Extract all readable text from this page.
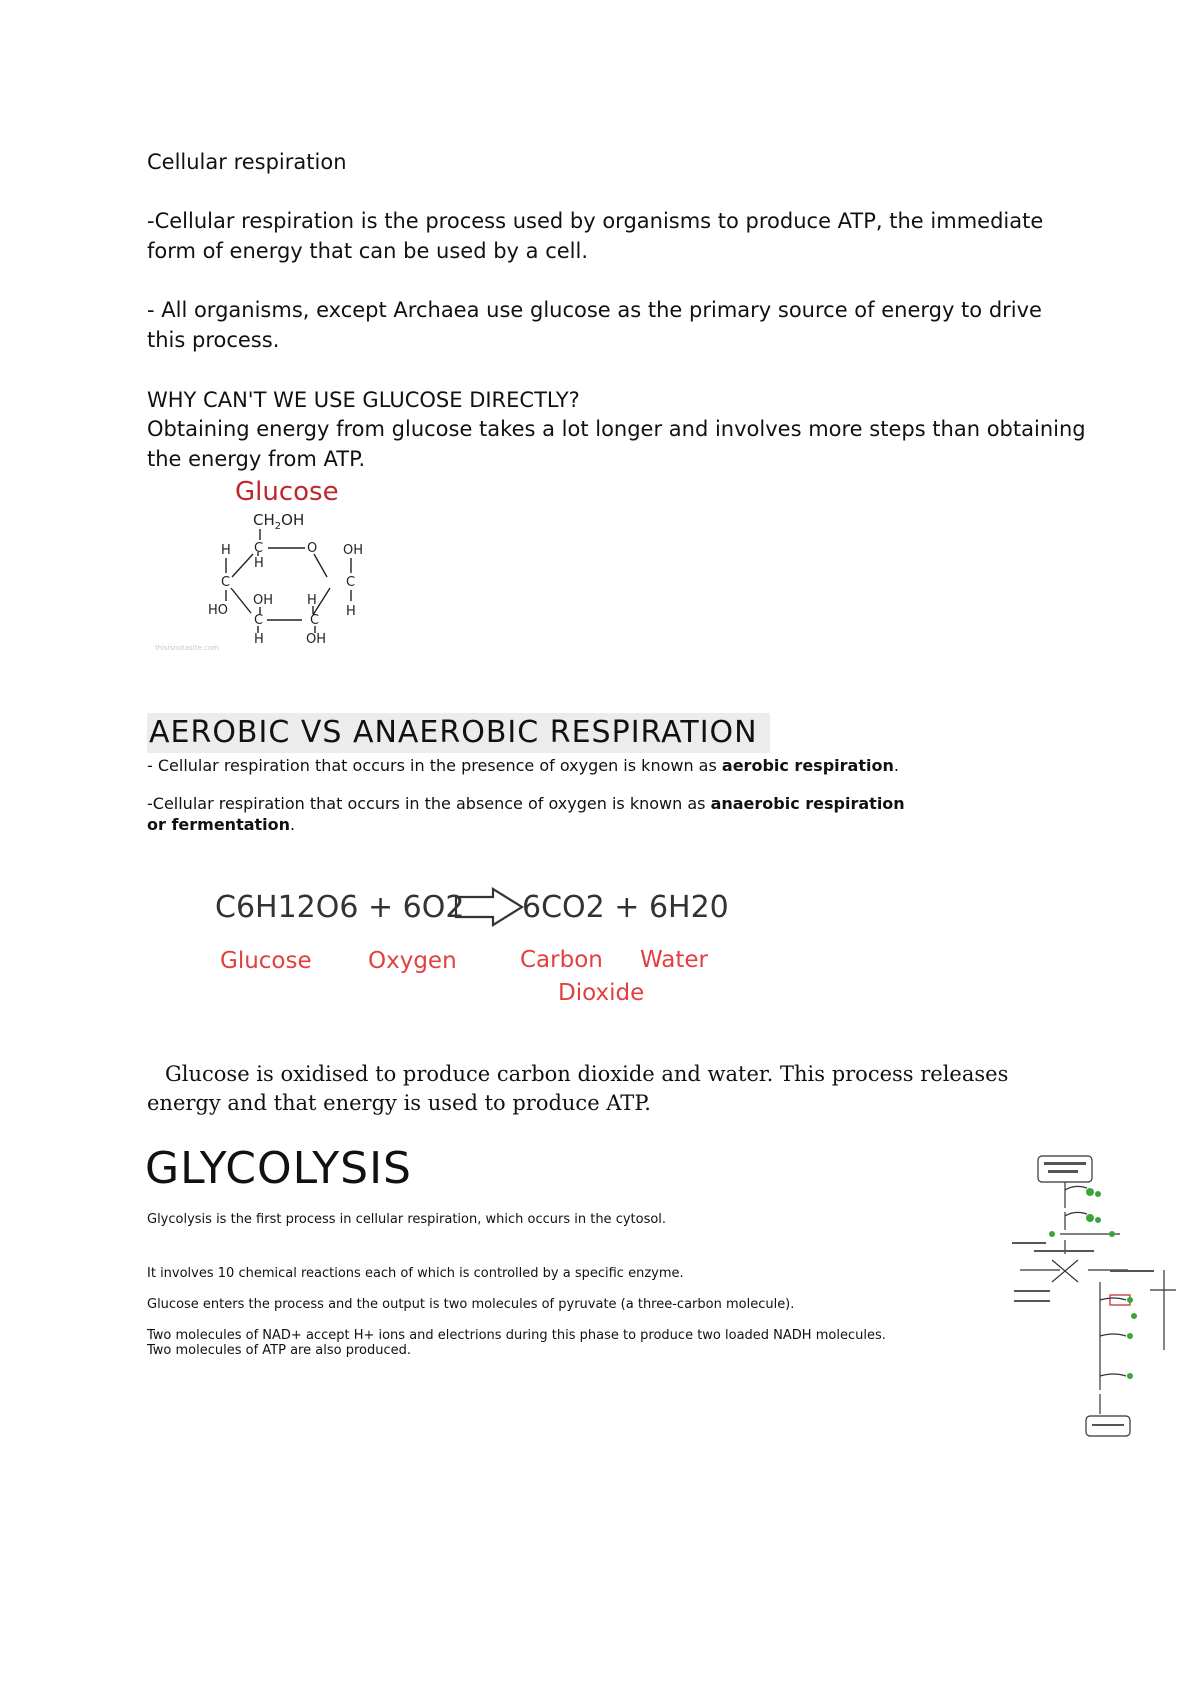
Cellular respiration

-Cellular respiration is the process used by organisms to produce ATP, the immediate form of energy that can be used by a cell.

- All organisms, except Archaea use glucose as the primary source of energy to drive this process.

WHY CAN'T WE USE GLUCOSE DIRECTLY?

Obtaining energy from glucose takes a lot longer and involves more steps than obtaining the energy from ATP.

Glucose
$CH_2OH$
C	O OH
H
H
C	C
OH	H
HO	H
C	C
H	OH
thisisnotasite.com
AEROBIC VS ANAEROBIC RESPIRATION

- Cellular respiration that occurs in the presence of oxygen is known as aerobic respiration.

-Cellular respiration that occurs in the absence of oxygen is known as anaerobic respiration or fermentation.

C6H12O6 + 6O2 6CO2 + 6H20
Glucose Oxygen	Carbon Water
Dioxide

Glucose is oxidised to produce carbon dioxide and water. This process releases energy and that energy is used to produce ATP.

GLYCOLYSIS

Glycolysis is the first process in cellular respiration, which occurs in the cytosol.

It involves 10 chemical reactions each of which is controlled by a specific enzyme.

Glucose enters the process and the output is two molecules of pyruvate (a three-carbon molecule).

Two molecules of NAD+ accept H+ ions and electrions during this phase to produce two loaded NADH molecules.
Two molecules of ATP are also produced.
